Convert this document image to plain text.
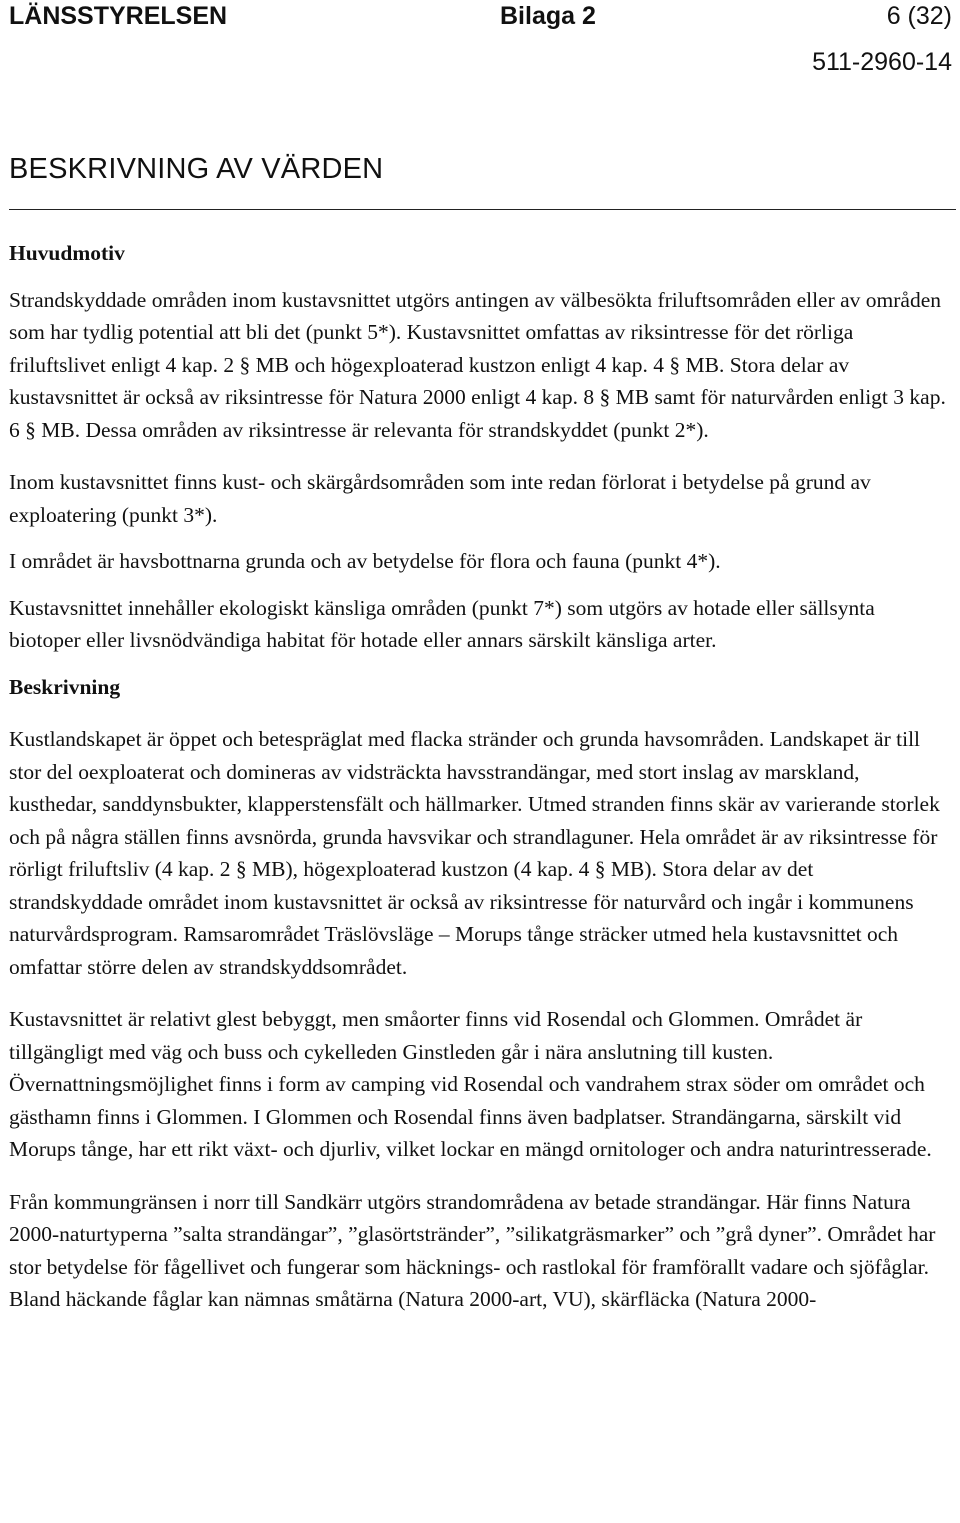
LÄNSSTYRELSEN	Bilaga 2	6 (32)
511-2960-14
BESKRIVNING AV VÄRDEN
Huvudmotiv

Strandskyddade områden inom kustavsnittet utgörs antingen av välbesökta friluftsområden eller av områden som har tydlig potential att bli det (punkt 5*). Kustavsnittet omfattas av riksintresse för det rörliga friluftslivet enligt 4 kap. 2 § MB och högexploaterad kustzon enligt 4 kap. 4 § MB. Stora delar av kustavsnittet är också av riksintresse för Natura 2000 enligt 4 kap. 8 § MB samt för naturvården enligt 3 kap. 6 § MB. Dessa områden av riksintresse är relevanta för strandskyddet (punkt 2*).

Inom kustavsnittet finns kust- och skärgårdsområden som inte redan förlorat i betydelse på grund av exploatering (punkt 3*).

I området är havsbottnarna grunda och av betydelse för flora och fauna (punkt 4*).

Kustavsnittet innehåller ekologiskt känsliga områden (punkt 7*) som utgörs av hotade eller sällsynta biotoper eller livsnödvändiga habitat för hotade eller annars särskilt känsliga arter.

Beskrivning

Kustlandskapet är öppet och betespräglat med flacka stränder och grunda havsområden. Landskapet är till stor del oexploaterat och domineras av vidsträckta havsstrandängar, med stort inslag av marskland, kusthedar, sanddynsbukter, klapperstensfält och hällmarker. Utmed stranden finns skär av varierande storlek och på några ställen finns avsnörda, grunda havsvikar och strandlaguner. Hela området är av riksintresse för rörligt friluftsliv (4 kap. 2 § MB), högexploaterad kustzon (4 kap. 4 § MB). Stora delar av det strandskyddade området inom kustavsnittet är också av riksintresse för naturvård och ingår i kommunens naturvårdsprogram. Ramsarområdet Träslövsläge – Morups tånge sträcker utmed hela kustavsnittet och omfattar större delen av strandskyddsområdet.

Kustavsnittet är relativt glest bebyggt, men småorter finns vid Rosendal och Glommen. Området är tillgängligt med väg och buss och cykelleden Ginstleden går i nära anslutning till kusten. Övernattningsmöjlighet finns i form av camping vid Rosendal och vandrahem strax söder om området och gästhamn finns i Glommen. I Glommen och Rosendal finns även badplatser. Strandängarna, särskilt vid Morups tånge, har ett rikt växt- och djurliv, vilket lockar en mängd ornitologer och andra naturintresserade.

Från kommungränsen i norr till Sandkärr utgörs strandområdena av betade strandängar. Här finns Natura 2000-naturtyperna ”salta strandängar”, ”glasörtstränder”, ”silikatgräsmarker” och ”grå dyner”. Området har stor betydelse för fågellivet och fungerar som häcknings- och rastlokal för framförallt vadare och sjöfåglar. Bland häckande fåglar kan nämnas småtärna (Natura 2000-art, VU), skärfläcka (Natura 2000-
